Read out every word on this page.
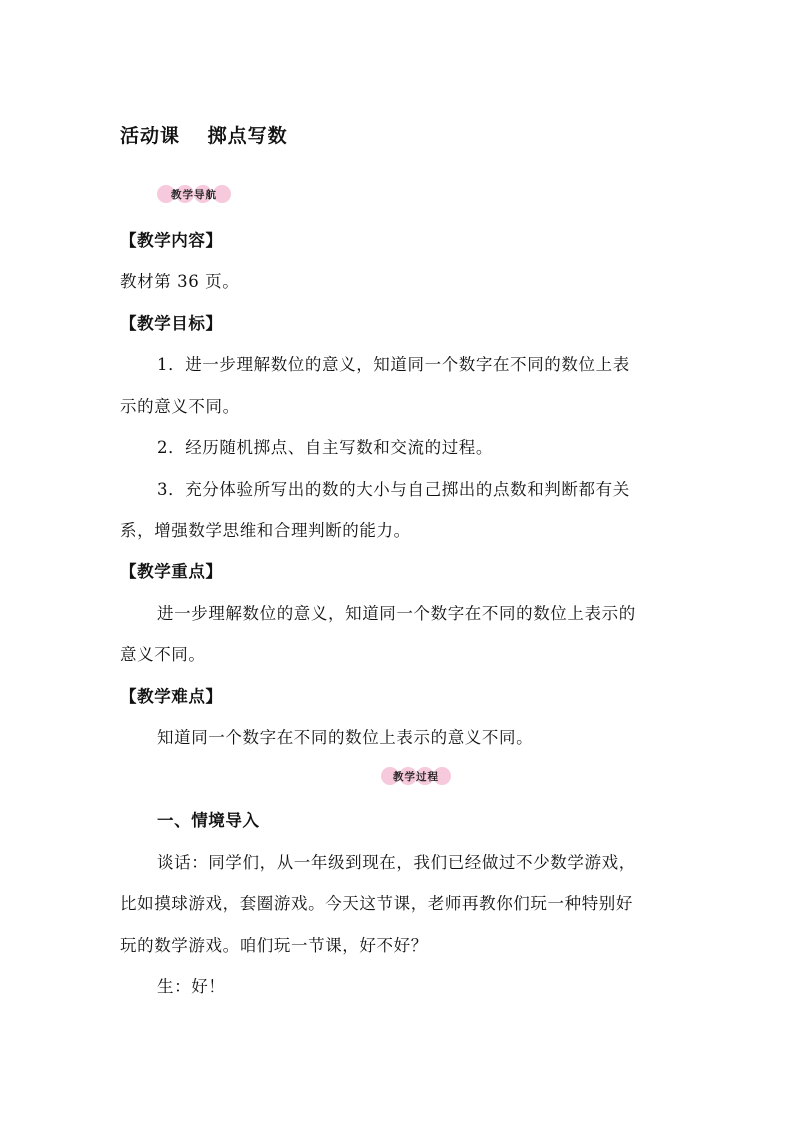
活动课　 掷点写数
教学导航
【教学内容】
教材第 36 页。
【教学目标】
1．进一步理解数位的意义，知道同一个数字在不同的数位上表
示的意义不同。
2．经历随机掷点、自主写数和交流的过程。
3．充分体验所写出的数的大小与自己掷出的点数和判断都有关
系，增强数学思维和合理判断的能力。
【教学重点】
进一步理解数位的意义，知道同一个数字在不同的数位上表示的
意义不同。
【教学难点】
知道同一个数字在不同的数位上表示的意义不同。
教学过程
一、情境导入
谈话：同学们，从一年级到现在，我们已经做过不少数学游戏，
比如摸球游戏，套圈游戏。今天这节课，老师再教你们玩一种特别好
玩的数学游戏。咱们玩一节课，好不好？
生：好！
